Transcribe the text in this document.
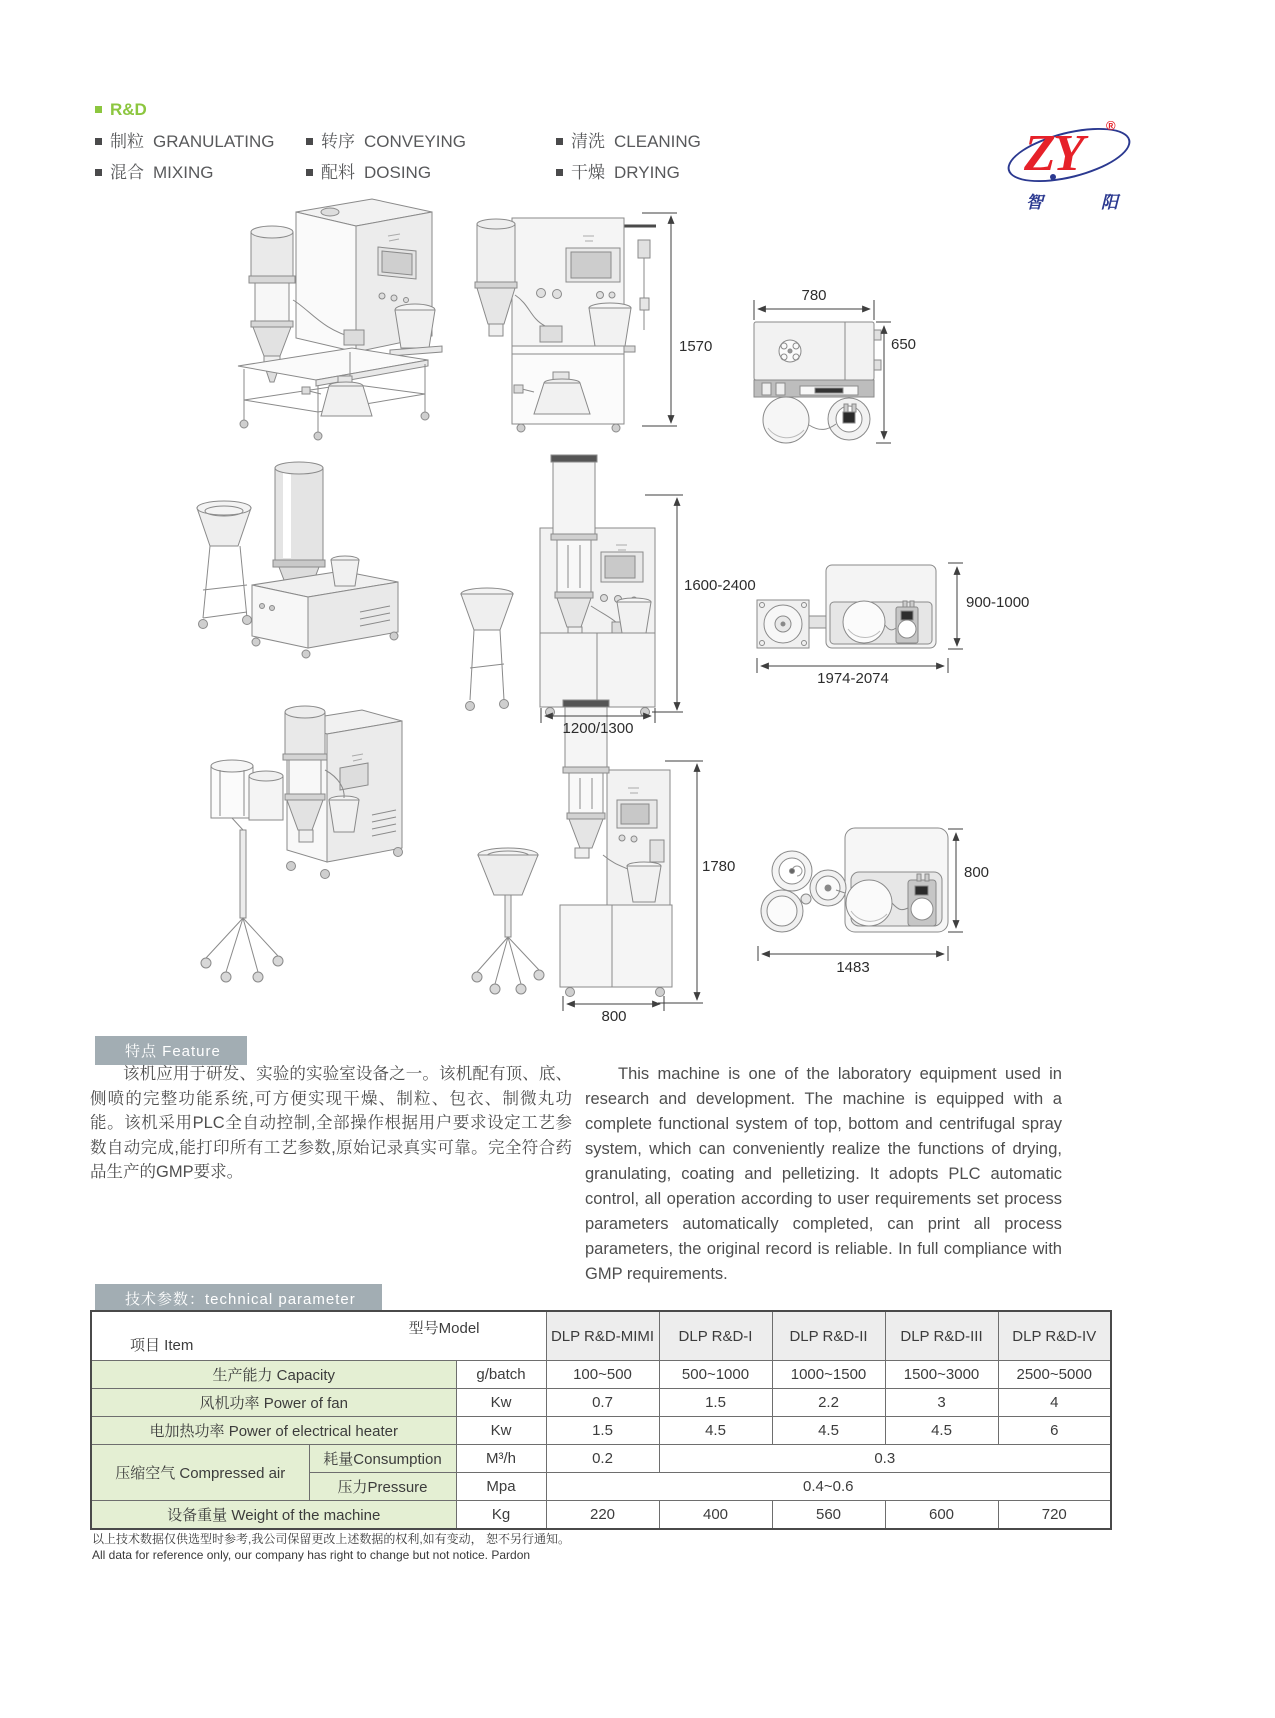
R&D
制粒 GRANULATING
混合 MIXING
转序 CONVEYING
配料 DOSING
清洗 CLEANING
干燥 DRYING	ZY ®
智	阳
1570
780
650
1600-2400
1200/1300
900-1000
1974-2074
1780
800
800
1483
特点 Feature
该机应用于研发、实验的实验室设备之一。该机配有顶、底、侧喷的完整功能系统,可方便实现干燥、制粒、包衣、制微丸功能。该机采用PLC全自动控制,全部操作根据用户要求设定工艺参数自动完成,能打印所有工艺参数,原始记录真实可靠。完全符合药品生产的GMP要求。
This machine is one of the laboratory equipment used in research and development. The machine is equipped with a complete functional system of top, bottom and centrifugal spray system, which can conveniently realize the functions of drying, granulating, coating and pelletizing. It adopts PLC automatic control, all operation according to user requirements set process parameters automatically completed, can print all process parameters, the original record is reliable. In full compliance with GMP requirements.
技术参数：technical parameter
型号Model
项目 Item			DLP R&D-MIMI	DLP R&D-I	DLP R&D-II	DLP R&D-III	DLP R&D-IV
生产能力 Capacity		g/batch	100~500	500~1000	1000~1500	1500~3000	2500~5000
风机功率 Power of fan		Kw	0.7	1.5	2.2	3	4
电加热功率 Power of electrical heater		Kw	1.5	4.5	4.5	4.5	6
压缩空气 Compressed air	耗量Consumption	M³/h	0.2	0.3			
	压力Pressure	Mpa	0.4~0.6				
设备重量 Weight of the machine		Kg	220	400	560	600	720
以上技术数据仅供选型时参考,我公司保留更改上述数据的权利,如有变动， 恕不另行通知。
All data for reference only, our company has right to change but not notice. Pardon
